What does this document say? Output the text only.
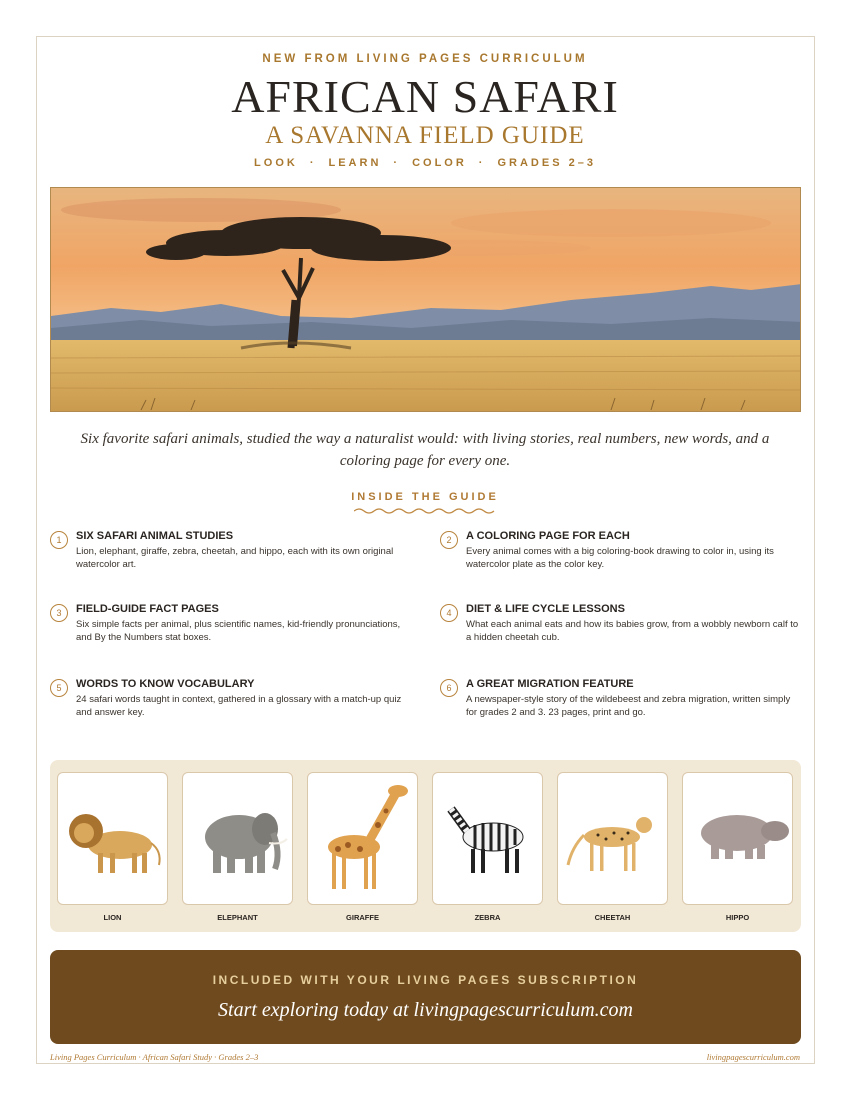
NEW FROM LIVING PAGES CURRICULUM
AFRICAN SAFARI
A SAVANNA FIELD GUIDE
LOOK · LEARN · COLOR · GRADES 2–3
Six favorite safari animals, studied the way a naturalist would: with living stories, real numbers, new words, and a coloring page for every one.
INSIDE THE GUIDE
1	SIX SAFARI ANIMAL STUDIES
Lion, elephant, giraffe, zebra, cheetah, and hippo, each with its own original watercolor art.
2	A COLORING PAGE FOR EACH
Every animal comes with a big coloring-book drawing to color in, using its watercolor plate as the color key.
3	FIELD-GUIDE FACT PAGES
Six simple facts per animal, plus scientific names, kid-friendly pronunciations, and By the Numbers stat boxes.
4	DIET & LIFE CYCLE LESSONS
What each animal eats and how its babies grow, from a wobbly newborn calf to a hidden cheetah cub.
5	WORDS TO KNOW VOCABULARY
24 safari words taught in context, gathered in a glossary with a match-up quiz and answer key.
6	A GREAT MIGRATION FEATURE
A newspaper-style story of the wildebeest and zebra migration, written simply for grades 2 and 3. 23 pages, print and go.
LION	ELEPHANT	GIRAFFE	ZEBRA	CHEETAH	HIPPO
INCLUDED WITH YOUR LIVING PAGES SUBSCRIPTION
Start exploring today at livingpagescurriculum.com
Living Pages Curriculum · African Safari Study · Grades 2–3	livingpagescurriculum.com
